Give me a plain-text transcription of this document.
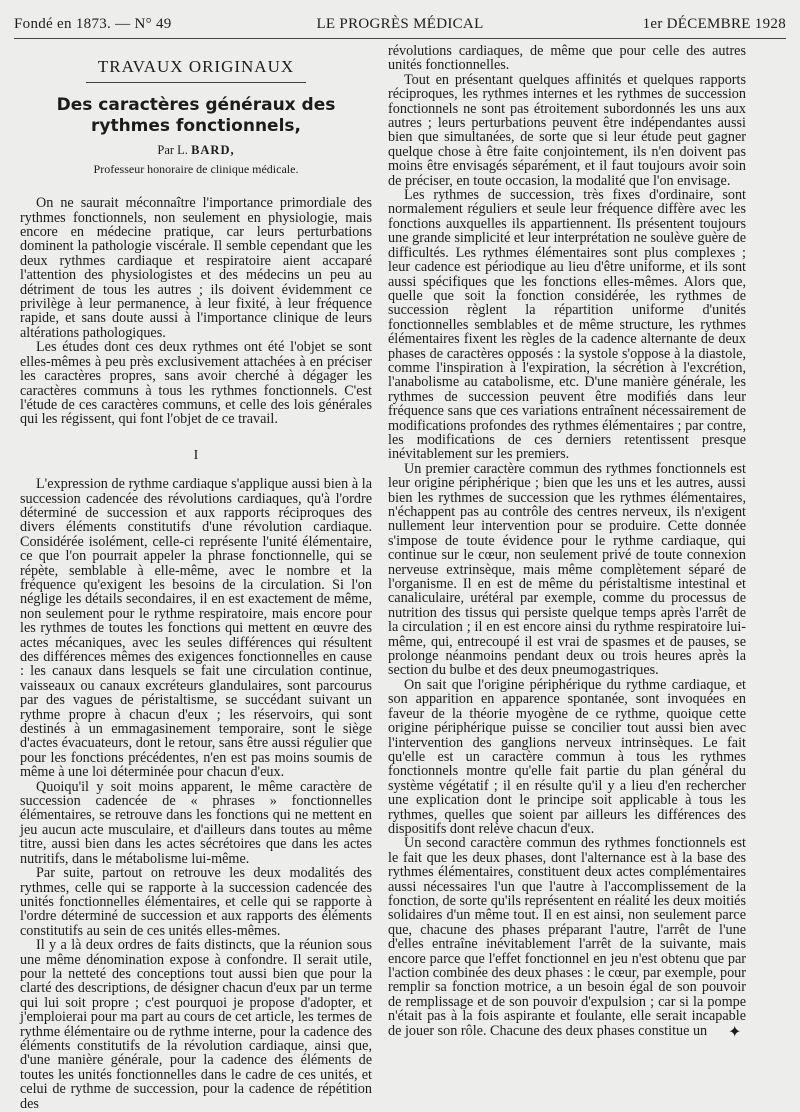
Fondé en 1873. — N° 49	LE PROGRÈS MÉDICAL	1er DÉCEMBRE 1928
TRAVAUX ORIGINAUX
Des caractères généraux des rythmes fonctionnels,
Par L. BARD,
Professeur honoraire de clinique médicale.

On ne saurait méconnaître l'importance primordiale des rythmes fonctionnels, non seulement en physiologie, mais encore en médecine pratique, car leurs perturbations dominent la pathologie viscérale. Il semble cependant que les deux rythmes cardiaque et respiratoire aient accaparé l'attention des physiologistes et des médecins un peu au détriment de tous les autres ; ils doivent évidemment ce privilège à leur permanence, à leur fixité, à leur fréquence rapide, et sans doute aussi à l'importance clinique de leurs altérations pathologiques.

Les études dont ces deux rythmes ont été l'objet se sont elles-mêmes à peu près exclusivement attachées à en préciser les caractères propres, sans avoir cherché à dégager les caractères communs à tous les rythmes fonctionnels. C'est l'étude de ces caractères communs, et celle des lois générales qui les régissent, qui font l'objet de ce travail.

I

L'expression de rythme cardiaque s'applique aussi bien à la succession cadencée des révolutions cardiaques, qu'à l'ordre déterminé de succession et aux rapports réciproques des divers éléments constitutifs d'une révolution cardiaque. Considérée isolément, celle-ci représente l'unité élémentaire, ce que l'on pourrait appeler la phrase fonctionnelle, qui se répète, semblable à elle-même, avec le nombre et la fréquence qu'exigent les besoins de la circulation. Si l'on néglige les détails secondaires, il en est exactement de même, non seulement pour le rythme respiratoire, mais encore pour les rythmes de toutes les fonctions qui mettent en œuvre des actes mécaniques, avec les seules différences qui résultent des différences mêmes des exigences fonctionnelles en cause : les canaux dans lesquels se fait une circulation continue, vaisseaux ou canaux excréteurs glandulaires, sont parcourus par des vagues de péristaltisme, se succédant suivant un rythme propre à chacun d'eux ; les réservoirs, qui sont destinés à un emmagasinement temporaire, sont le siège d'actes évacuateurs, dont le retour, sans être aussi régulier que pour les fonctions précédentes, n'en est pas moins soumis de même à une loi déterminée pour chacun d'eux.

Quoiqu'il y soit moins apparent, le même caractère de succession cadencée de « phrases » fonctionnelles élémentaires, se retrouve dans les fonctions qui ne mettent en jeu aucun acte musculaire, et d'ailleurs dans toutes au même titre, aussi bien dans les actes sécrétoires que dans les actes nutritifs, dans le métabolisme lui-même.

Par suite, partout on retrouve les deux modalités des rythmes, celle qui se rapporte à la succession cadencée des unités fonctionnelles élémentaires, et celle qui se rapporte à l'ordre déterminé de succession et aux rapports des éléments constitutifs au sein de ces unités elles-mêmes.

Il y a là deux ordres de faits distincts, que la réunion sous une même dénomination expose à confondre. Il serait utile, pour la netteté des conceptions tout aussi bien que pour la clarté des descriptions, de désigner chacun d'eux par un terme qui lui soit propre ; c'est pourquoi je propose d'adopter, et j'emploierai pour ma part au cours de cet article, les termes de rythme élémentaire ou de rythme interne, pour la cadence des éléments constitutifs de la révolution cardiaque, ainsi que, d'une manière générale, pour la cadence des éléments de toutes les unités fonctionnelles dans le cadre de ces unités, et celui de rythme de succession, pour la cadence de répétition des

révolutions cardiaques, de même que pour celle des autres unités fonctionnelles.

Tout en présentant quelques affinités et quelques rapports réciproques, les rythmes internes et les rythmes de succession fonctionnels ne sont pas étroitement subordonnés les uns aux autres ; leurs perturbations peuvent être indépendantes aussi bien que simultanées, de sorte que si leur étude peut gagner quelque chose à être faite conjointement, ils n'en doivent pas moins être envisagés séparément, et il faut toujours avoir soin de préciser, en toute occasion, la modalité que l'on envisage.

Les rythmes de succession, très fixes d'ordinaire, sont normalement réguliers et seule leur fréquence diffère avec les fonctions auxquelles ils appartiennent. Ils présentent toujours une grande simplicité et leur interprétation ne soulève guère de difficultés. Les rythmes élémentaires sont plus complexes ; leur cadence est périodique au lieu d'être uniforme, et ils sont aussi spécifiques que les fonctions elles-mêmes. Alors que, quelle que soit la fonction considérée, les rythmes de succession règlent la répartition uniforme d'unités fonctionnelles semblables et de même structure, les rythmes élémentaires fixent les règles de la cadence alternante de deux phases de caractères opposés : la systole s'oppose à la diastole, comme l'inspiration à l'expiration, la sécrétion à l'excrétion, l'anabolisme au catabolisme, etc. D'une manière générale, les rythmes de succession peuvent être modifiés dans leur fréquence sans que ces variations entraînent nécessairement de modifications profondes des rythmes élémentaires ; par contre, les modifications de ces derniers retentissent presque inévitablement sur les premiers.

Un premier caractère commun des rythmes fonctionnels est leur origine périphérique ; bien que les uns et les autres, aussi bien les rythmes de succession que les rythmes élémentaires, n'échappent pas au contrôle des centres nerveux, ils n'exigent nullement leur intervention pour se produire. Cette donnée s'impose de toute évidence pour le rythme cardiaque, qui continue sur le cœur, non seulement privé de toute connexion nerveuse extrinsèque, mais même complètement séparé de l'organisme. Il en est de même du péristaltisme intestinal et canaliculaire, urétéral par exemple, comme du processus de nutrition des tissus qui persiste quelque temps après l'arrêt de la circulation ; il en est encore ainsi du rythme respiratoire lui-même, qui, entrecoupé il est vrai de spasmes et de pauses, se prolonge néanmoins pendant deux ou trois heures après la section du bulbe et des deux pneumogastriques.

On sait que l'origine périphérique du rythme cardiaque, et son apparition en apparence spontanée, sont invoquées en faveur de la théorie myogène de ce rythme, quoique cette origine périphérique puisse se concilier tout aussi bien avec l'intervention des ganglions nerveux intrinsèques. Le fait qu'elle est un caractère commun à tous les rythmes fonctionnels montre qu'elle fait partie du plan général du système végétatif ; il en résulte qu'il y a lieu d'en rechercher une explication dont le principe soit applicable à tous les rythmes, quelles que soient par ailleurs les différences des dispositifs dont relève chacun d'eux.

Un second caractère commun des rythmes fonctionnels est le fait que les deux phases, dont l'alternance est à la base des rythmes élémentaires, constituent deux actes complémentaires aussi nécessaires l'un que l'autre à l'accomplissement de la fonction, de sorte qu'ils représentent en réalité les deux moitiés solidaires d'un même tout. Il en est ainsi, non seulement parce que, chacune des phases préparant l'autre, l'arrêt de l'une d'elles entraîne inévitablement l'arrêt de la suivante, mais encore parce que l'effet fonctionnel en jeu n'est obtenu que par l'action combinée des deux phases : le cœur, par exemple, pour remplir sa fonction motrice, a un besoin égal de son pouvoir de remplissage et de son pouvoir d'expulsion ; car si la pompe n'était pas à la fois aspirante et foulante, elle serait incapable de jouer son rôle. Chacune des deux phases constitue un	✦
